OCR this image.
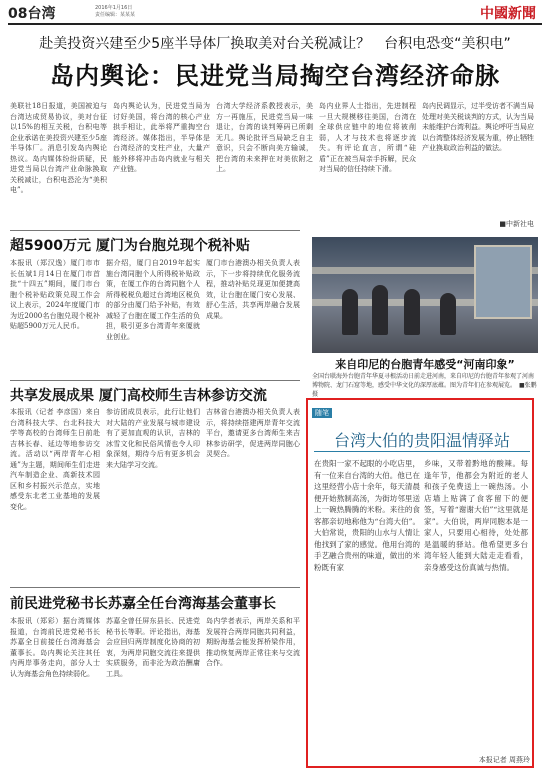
08台湾	2016年1月16日
责任编辑：某某某	中國新聞
赴美投资兴建至少5座半导体厂换取美对台关税减让？　台积电恐变“美积电”
岛内舆论：民进党当局掏空台湾经济命脉
美联社18日报道，美国被迫与台湾达成贸易协议，美对台征以15%的相互关税，台积电等企业承诺在美投资兴建至少5座半导体厂。消息引发岛内舆论热议。岛内媒体纷纷质疑，民进党当局以台湾产业命脉换取关税减让，台积电恐沦为“美积电”。
岛内舆论认为，民进党当局为讨好美国，将台湾的核心产业拱手相让，此举将严重掏空台湾经济。媒体指出，半导体是台湾经济的支柱产业，大量产能外移将冲击岛内就业与相关产业链。
台湾大学经济系教授表示，美方一再施压，民进党当局一味退让，台湾的谈判筹码已所剩无几。舆论批评当局缺乏自主意识，只会不断向美方输诚，把台湾的未来押在对美依附之上。
岛内业界人士指出，先进制程一旦大规模移往美国，台湾在全球供应链中的地位将被削弱，人才与技术也将逐步流失。有评论直言，所谓“硅盾”正在被当局亲手拆解，民众对当局的信任持续下滑。
岛内民调显示，过半受访者不满当局处理对美关税谈判的方式，认为当局未能维护台湾利益。舆论呼吁当局应以台湾整体经济发展为重，停止牺牲产业换取政治利益的做法。
■中新社电
超5900万元 厦门为台胞兑现个税补贴
本报讯（郑汉逸）厦门市市长伍斌1月14日在厦门市首批“十四五”期间，厦门市台胞个税补贴政策兑现工作会议上表示，2024年度厦门市为近2000名台胞兑现个税补贴超5900万元人民币。
据介绍，厦门自2019年起实施台湾同胞个人所得税补贴政策，在厦工作的台湾同胞个人所得税税负超过台湾地区税负的部分由厦门给予补贴，有效减轻了台胞在厦工作生活的负担，吸引更多台湾青年来厦就业创业。
厦门市台港澳办相关负责人表示，下一步将持续优化服务流程，推动补贴兑现更加便捷高效，让台胞在厦门安心发展、舒心生活，共享两岸融合发展成果。
共享发展成果 厦门高校师生吉林参访交流
本报讯（记者 李彦国）来自台湾科技大学、台北科技大学等高校的台湾师生日前赴吉林长春、延边等地参访交流。活动以“两岸青年心相通”为主题，期间师生们走进汽车制造企业、高新技术园区和乡村振兴示范点，实地感受东北老工业基地的发展变化。
参访团成员表示，此行让他们对大陆的产业发展与城市建设有了更加直观的认识，吉林的冰雪文化和民俗风情也令人印象深刻，期待今后有更多机会来大陆学习交流。
吉林省台港澳办相关负责人表示，将持续搭建两岸青年交流平台，邀请更多台湾师生来吉林参访研学，促进两岸同胞心灵契合。
前民进党秘书长苏嘉全任台湾海基会董事长
本报讯（郑彩）据台湾媒体报道，台湾前民进党秘书长苏嘉全日前接任台湾海基会董事长。岛内舆论关注其任内两岸事务走向，部分人士认为海基会角色持续弱化。
苏嘉全曾任屏东县长、民进党秘书长等职。评论指出，海基会应回归两岸制度化协商的初衷，为两岸同胞交流往来提供实质服务，而非沦为政治酬庸工具。
岛内学者表示，两岸关系和平发展符合两岸同胞共同利益，期盼海基会能发挥桥梁作用，推动恢复两岸正常往来与交流合作。
来自印尼的台胞青年感受“河南印象”
全国台联海外台胞青年华夏寻根活动日前走进河南，来自印尼的台胞青年参观了河南博物院、龙门石窟等地，感受中华文化的深厚底蕴。图为青年们在参观展览。　■张鹏 摄
随笔
台湾大伯的贵阳温情驿站
在贵阳一家不起眼的小吃店里，有一位来自台湾的大伯。他已在这里经营小店十余年，每天清晨便开始熬制高汤，为街坊邻里送上一碗热腾腾的米粉。来往的食客都亲切地称他为“台湾大伯”。大伯常说，贵阳的山水与人情让他找到了家的感觉。他用台湾的手艺融合贵州的味道，做出的米粉既有家
乡味，又带着黔地的酸辣。每逢年节，他都会为附近的老人和孩子免费送上一碗热汤。小店墙上贴满了食客留下的便签，写着“谢谢大伯”“这里就是家”。大伯说，两岸同胞本是一家人，只要用心相待，处处都是温暖的驿站。他希望更多台湾年轻人能到大陆走走看看，亲身感受这份真诚与热情。
本报记者 周燕玲
